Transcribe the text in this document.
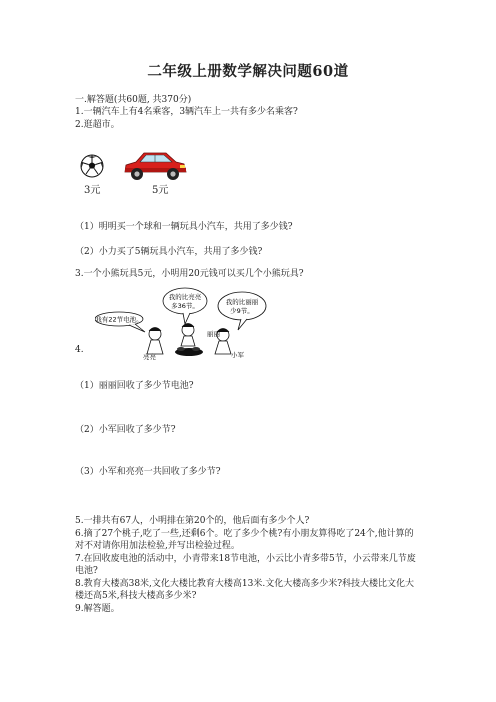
二年级上册数学解决问题60道
一.解答题(共60题, 共370分)
1.一辆汽车上有4名乘客，3辆汽车上一共有多少名乘客?
2.逛超市。
3元	5元
（1）明明买一个球和一辆玩具小汽车，共用了多少钱?
（2）小力买了5辆玩具小汽车，共用了多少钱?
3.一个小熊玩具5元，小明用20元钱可以买几个小熊玩具?
我有22节电池。
我的比亮亮
多36节。	我的比丽丽
少9节。
亮亮
丽丽
小军
4.
（1）丽丽回收了多少节电池?
（2）小军回收了多少节?
（3）小军和亮亮一共回收了多少节?
5.一排共有67人，小明排在第20个的，他后面有多少个人?
6.摘了27个桃子,吃了一些,还剩6个。吃了多少个桃?有小朋友算得吃了24个,他计算的对不对请你用加法检验,并写出检验过程。
7.在回收废电池的活动中，小青带来18节电池，小云比小青多带5节，小云带来几节废电池?
8.教育大楼高38米,文化大楼比教育大楼高13米.文化大楼高多少米?科技大楼比文化大楼还高5米,科技大楼高多少米?
9.解答题。
